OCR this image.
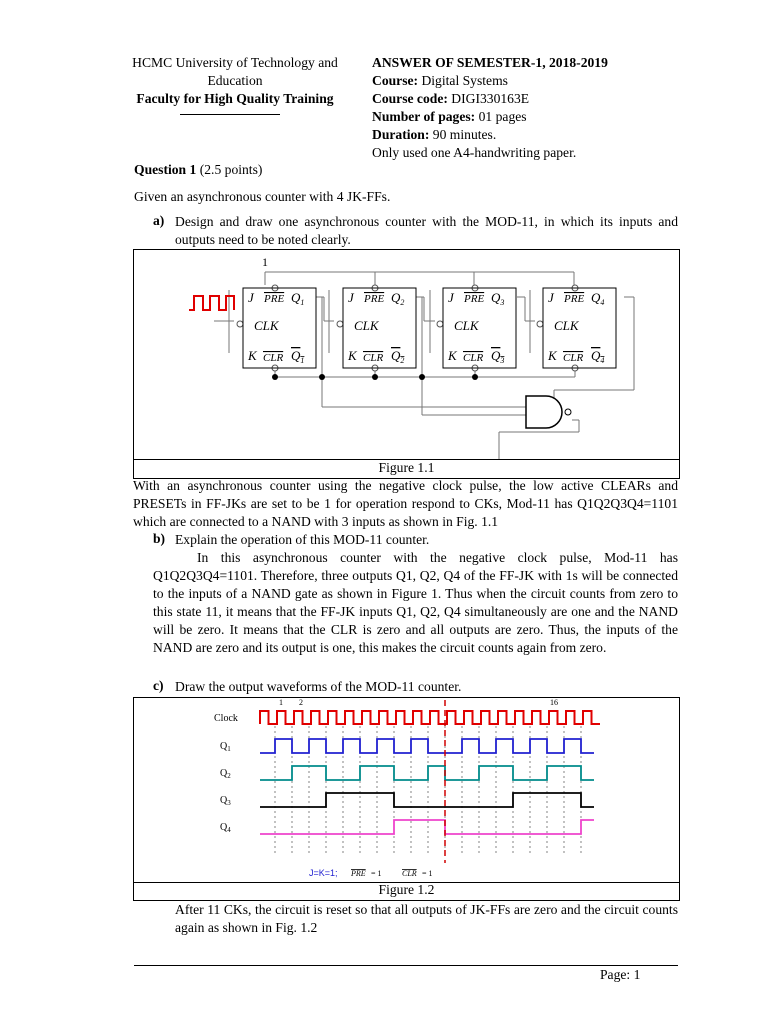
HCMC University of Technology and
Education
Faculty for High Quality Training
ANSWER OF SEMESTER-1, 2018-2019
Course: Digital Systems
Course code: DIGI330163E
Number of pages: 01 pages
Duration: 90 minutes.
Only used one A4-handwriting paper.
Question 1 (2.5 points)
Given an asynchronous counter with 4 JK-FFs.
a) Design and draw one asynchronous counter with the MOD-11, in which its inputs and outputs need to be noted clearly.
1
J PRE $Q_1$
CLK
K CLR $Q_1$
J PRE $Q_2$
CLK
K CLR $Q_2$
J PRE $Q_3$
CLK
K CLR $Q_3$
J PRE $Q_4$
CLK
K CLR $Q_4$
Figure 1.1
With an asynchronous counter using the negative clock pulse, the low active CLEARs and PRESETs in FF-JKs are set to be 1 for operation respond to CKs, Mod-11 has Q1Q2Q3Q4=1101 which are connected to a NAND with 3 inputs as shown in Fig. 1.1
b) Explain the operation of this MOD-11 counter.
In this asynchronous counter with the negative clock pulse, Mod-11 has Q1Q2Q3Q4=1101. Therefore, three outputs Q1, Q2, Q4 of the FF-JK with 1s will be connected to the inputs of a NAND gate as shown in Figure 1. Thus when the circuit counts from zero to this state 11, it means that the FF-JK inputs Q1, Q2, Q4 simultaneously are one and the NAND will be zero. It means that the CLR is zero and all outputs are zero. Thus, the inputs of the NAND are zero and its output is one, this makes the circuit counts again from zero.
c) Draw the output waveforms of the MOD-11 counter.
Clock
$Q_1$
$Q_2$
$Q_3$
$Q_4$
1 2	16
J=K=1; PRE = 1	CLR = 1
Figure 1.2
After 11 CKs, the circuit is reset so that all outputs of JK-FFs are zero and the circuit counts again as shown in Fig. 1.2
Page: 1
